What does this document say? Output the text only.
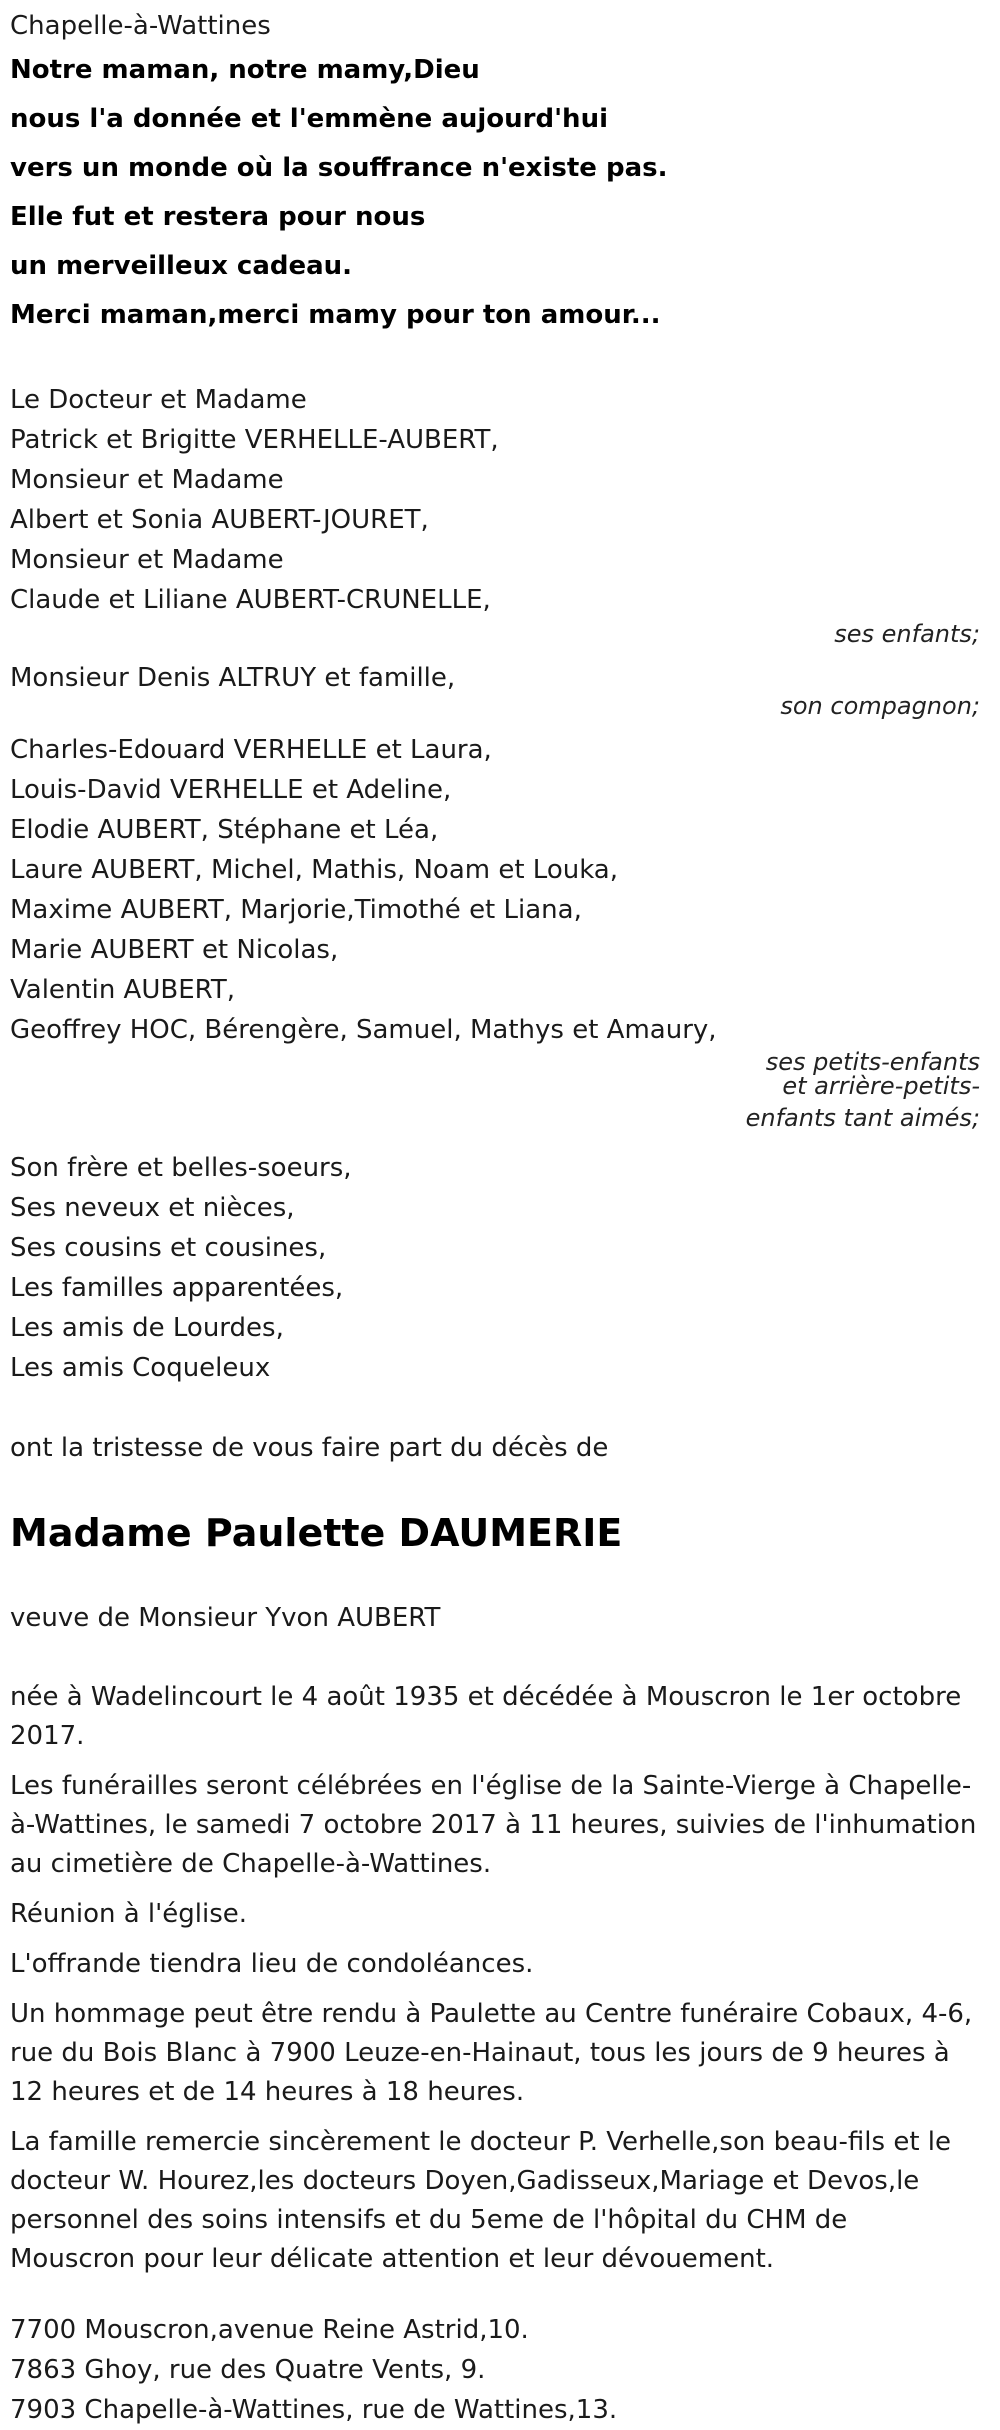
Chapelle-à-Wattines
Notre maman, notre mamy,Dieu
nous l'a donnée et l'emmène aujourd'hui
vers un monde où la souffrance n'existe pas.
Elle fut et restera pour nous
un merveilleux cadeau.
Merci maman,merci mamy pour ton amour...
Le Docteur et Madame
Patrick et Brigitte VERHELLE-AUBERT,
Monsieur et Madame
Albert et Sonia AUBERT-JOURET,
Monsieur et Madame
Claude et Liliane AUBERT-CRUNELLE,
ses enfants;
Monsieur Denis ALTRUY et famille,
son compagnon;
Charles-Edouard VERHELLE et Laura,
Louis-David VERHELLE et Adeline,
Elodie AUBERT, Stéphane et Léa,
Laure AUBERT, Michel, Mathis, Noam et Louka,
Maxime AUBERT, Marjorie,Timothé et Liana,
Marie AUBERT et Nicolas,
Valentin AUBERT,
Geoffrey HOC, Bérengère, Samuel, Mathys et Amaury,
ses petits-enfants
et arrière-petits-
enfants tant aimés;
Son frère et belles-soeurs,
Ses neveux et nièces,
Ses cousins et cousines,
Les familles apparentées,
Les amis de Lourdes,
Les amis Coqueleux
ont la tristesse de vous faire part du décès de
Madame Paulette DAUMERIE
veuve de Monsieur Yvon AUBERT

née à Wadelincourt le 4 août 1935 et décédée à Mouscron le 1er octobre 2017.

Les funérailles seront célébrées en l'église de la Sainte-Vierge à Chapelle-à-Wattines, le samedi 7 octobre 2017 à 11 heures, suivies de l'inhumation au cimetière de Chapelle-à-Wattines.

Réunion à l'église.

L'offrande tiendra lieu de condoléances.

Un hommage peut être rendu à Paulette au Centre funéraire Cobaux, 4-6, rue du Bois Blanc à 7900 Leuze-en-Hainaut, tous les jours de 9 heures à 12 heures et de 14 heures à 18 heures.

La famille remercie sincèrement le docteur P. Verhelle,son beau-fils et le docteur W. Hourez,les docteurs Doyen,Gadisseux,Mariage et Devos,le personnel des soins intensifs et du 5eme de l'hôpital du CHM de Mouscron pour leur délicate attention et leur dévouement.

7700 Mouscron,avenue Reine Astrid,10.
7863 Ghoy, rue des Quatre Vents, 9.
7903 Chapelle-à-Wattines, rue de Wattines,13.
